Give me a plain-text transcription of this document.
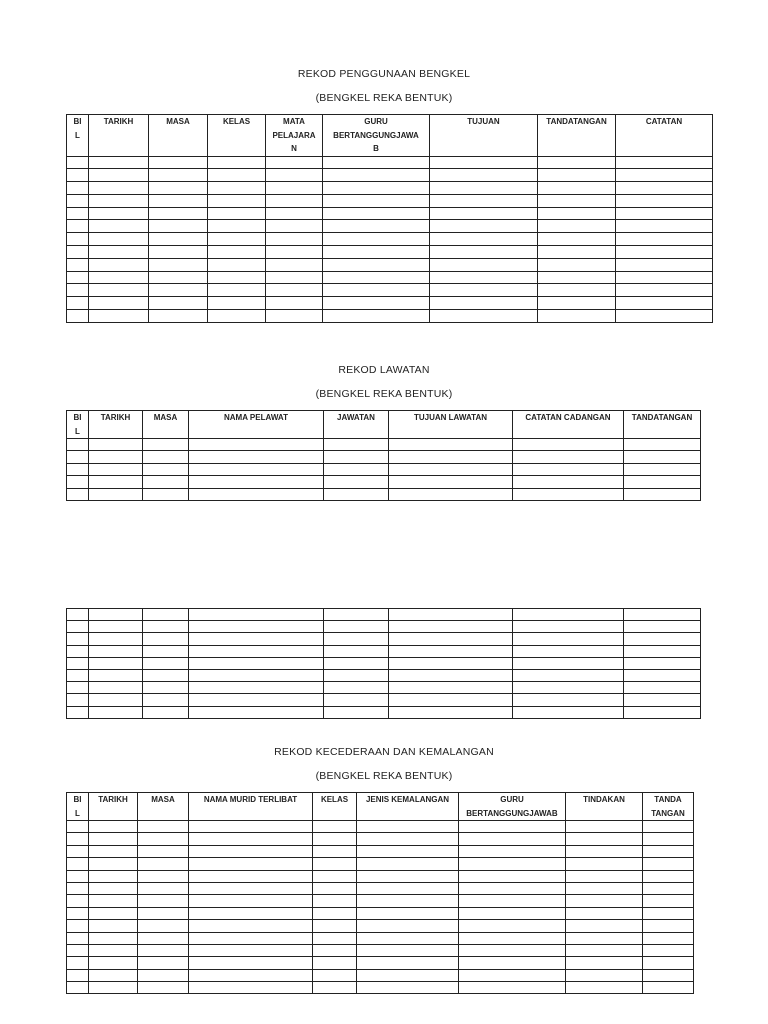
REKOD PENGGUNAAN BENGKEL
(BENGKEL REKA BENTUK)
BI
L	TARIKH	MASA	KELAS	MATA
PELAJARA
N	GURU
BERTANGGUNGJAWA
B	TUJUAN	TANDATANGAN	CATATAN

REKOD LAWATAN
(BENGKEL REKA BENTUK)
BI
L	TARIKH	MASA	NAMA PELAWAT	JAWATAN	TUJUAN LAWATAN	CATATAN CADANGAN	TANDATANGAN

REKOD KECEDERAAN DAN KEMALANGAN
(BENGKEL REKA BENTUK)
BI
L	TARIKH	MASA	NAMA MURID TERLIBAT	KELAS	JENIS KEMALANGAN	GURU
BERTANGGUNGJAWAB	TINDAKAN	TANDA
TANGAN
